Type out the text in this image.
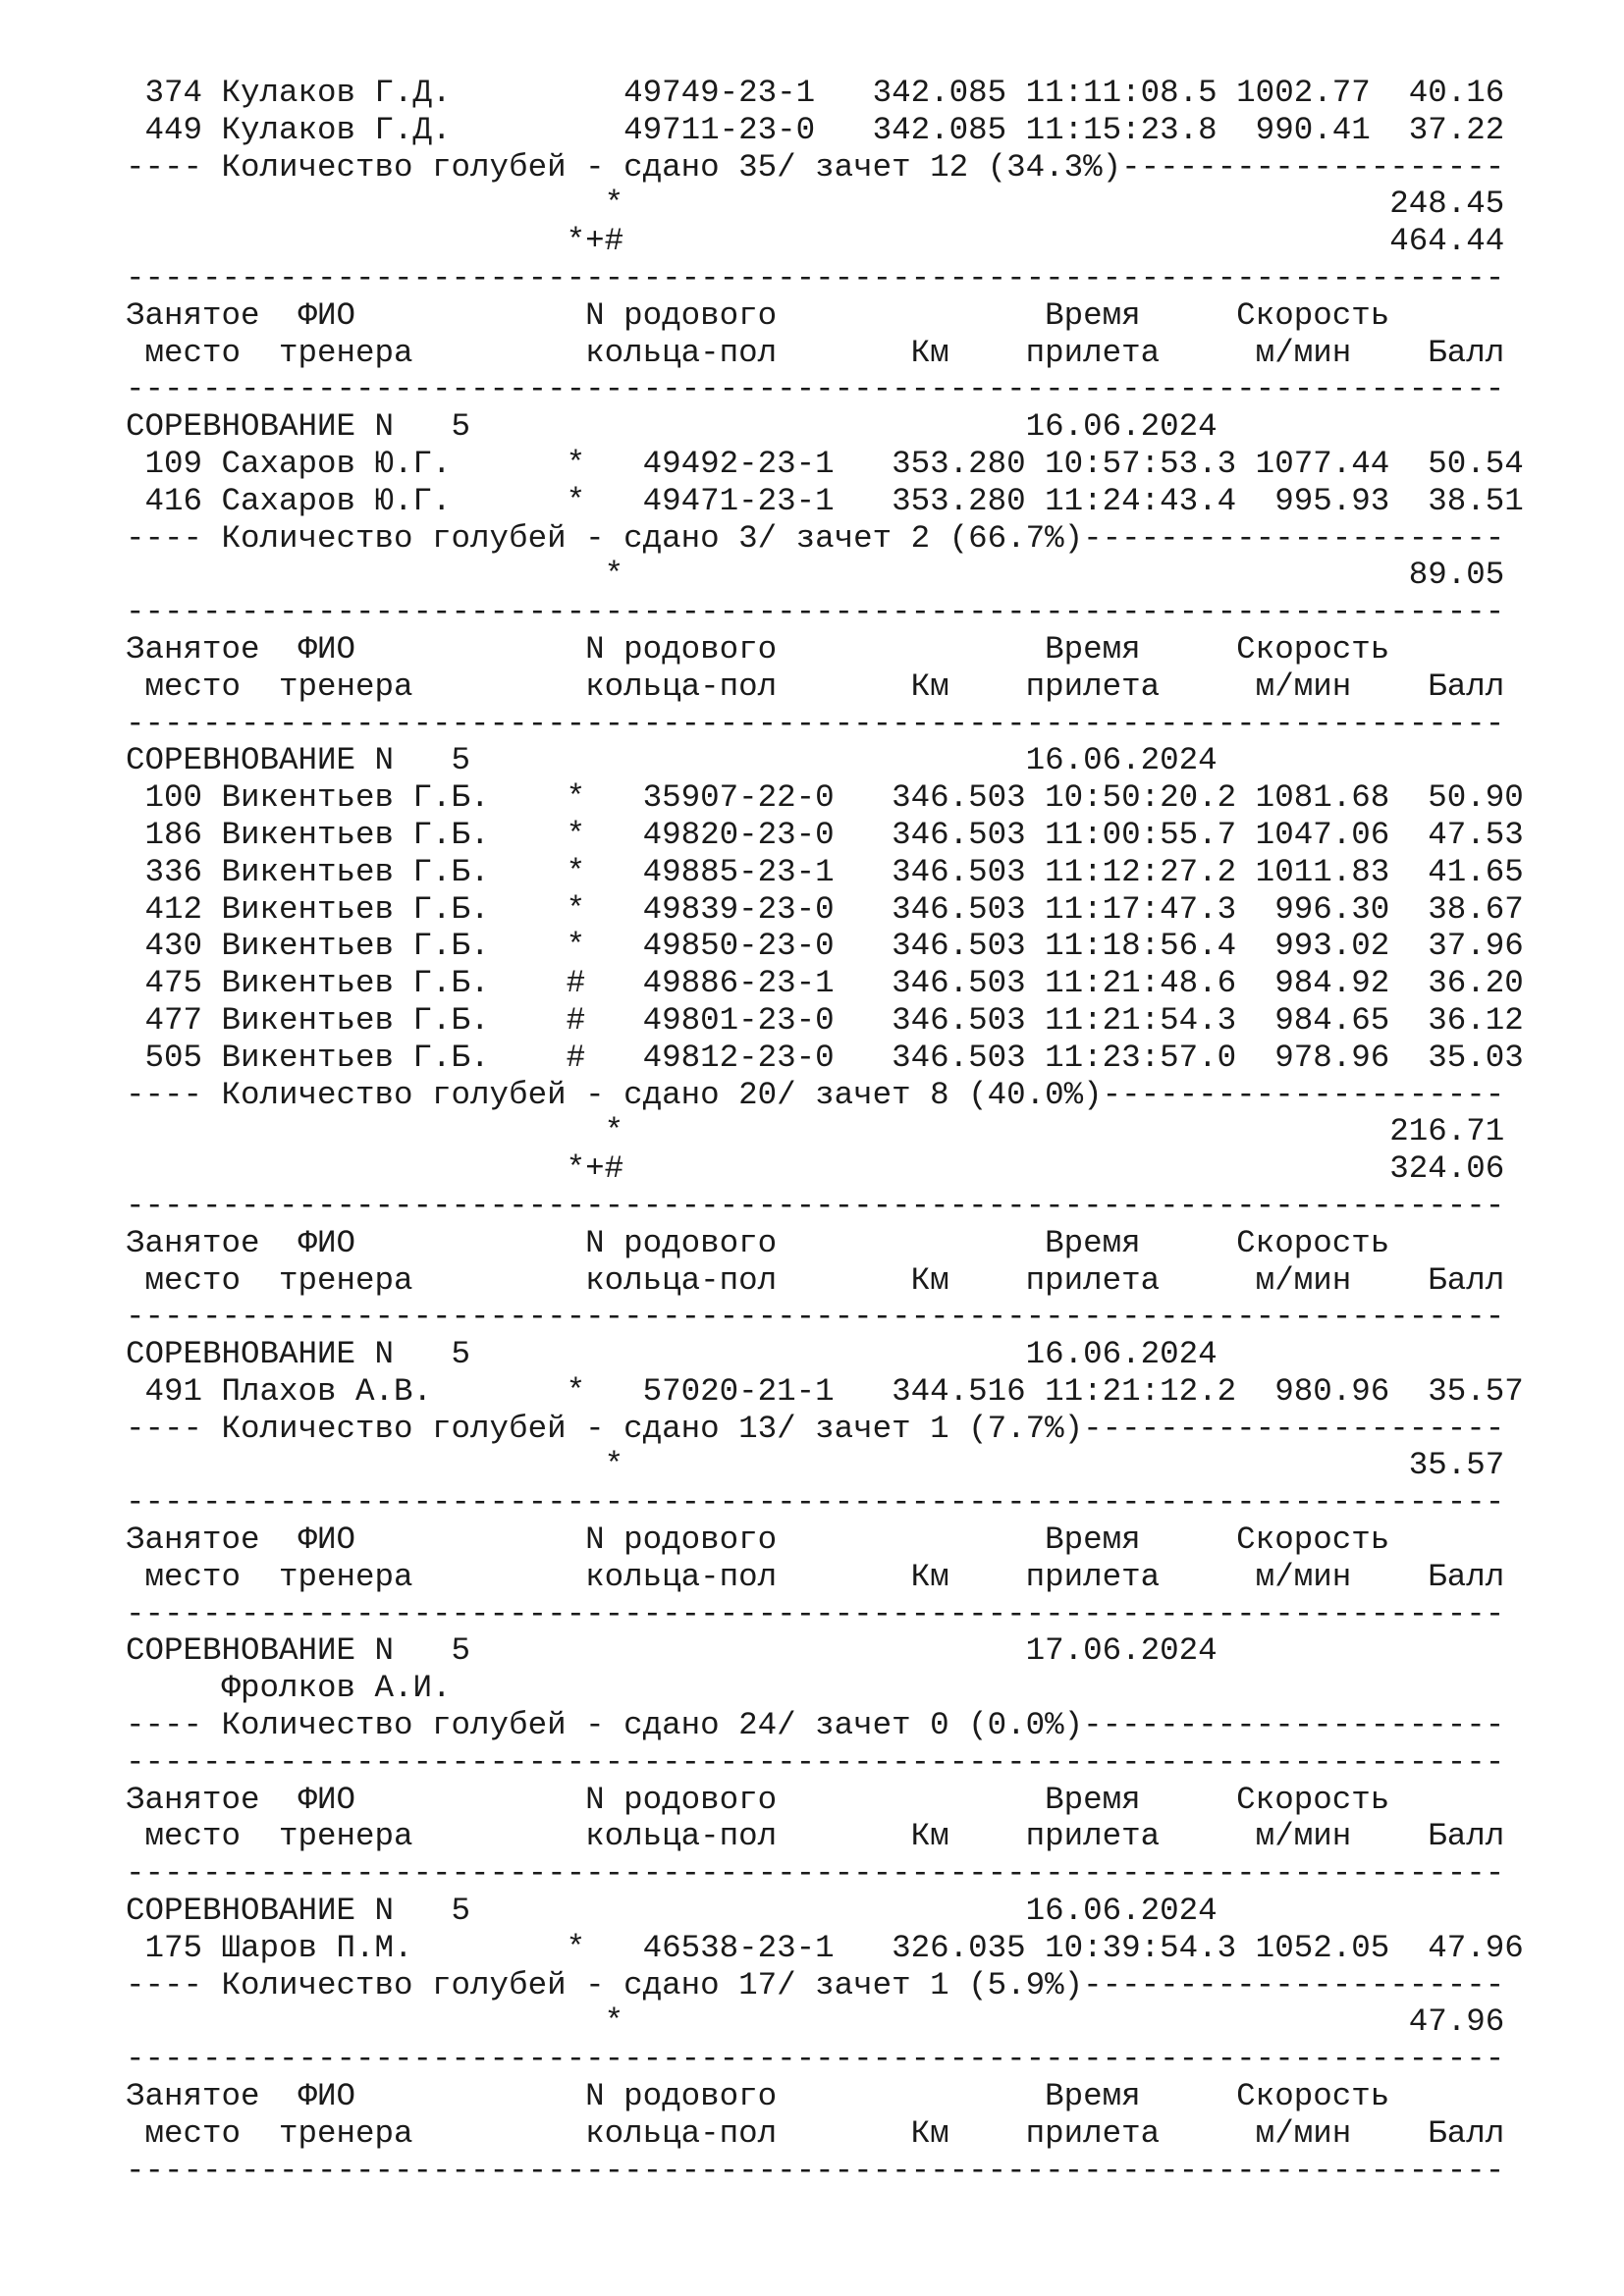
374 Кулаков Г.Д.         49749-23-1   342.085 11:11:08.5 1002.77  40.16
449 Кулаков Г.Д.         49711-23-0   342.085 11:15:23.8  990.41  37.22
---- Количество голубей - сдано 35/ зачет 12 (34.3%)--------------------
*                                        248.45
*+#                                        464.44
------------------------------------------------------------------------
Занятое  ФИО            N родового              Время     Скорость
место  тренера         кольца-пол       Км    прилета     м/мин    Балл
------------------------------------------------------------------------
СОРЕВНОВАНИЕ N   5                             16.06.2024
109 Сахаров Ю.Г.      *   49492-23-1   353.280 10:57:53.3 1077.44  50.54
416 Сахаров Ю.Г.      *   49471-23-1   353.280 11:24:43.4  995.93  38.51
---- Количество голубей - сдано 3/ зачет 2 (66.7%)----------------------
*                                         89.05
------------------------------------------------------------------------
Занятое  ФИО            N родового              Время     Скорость
место  тренера         кольца-пол       Км    прилета     м/мин    Балл
------------------------------------------------------------------------
СОРЕВНОВАНИЕ N   5                             16.06.2024
100 Викентьев Г.Б.    *   35907-22-0   346.503 10:50:20.2 1081.68  50.90
186 Викентьев Г.Б.    *   49820-23-0   346.503 11:00:55.7 1047.06  47.53
336 Викентьев Г.Б.    *   49885-23-1   346.503 11:12:27.2 1011.83  41.65
412 Викентьев Г.Б.    *   49839-23-0   346.503 11:17:47.3  996.30  38.67
430 Викентьев Г.Б.    *   49850-23-0   346.503 11:18:56.4  993.02  37.96
475 Викентьев Г.Б.    #   49886-23-1   346.503 11:21:48.6  984.92  36.20
477 Викентьев Г.Б.    #   49801-23-0   346.503 11:21:54.3  984.65  36.12
505 Викентьев Г.Б.    #   49812-23-0   346.503 11:23:57.0  978.96  35.03
---- Количество голубей - сдано 20/ зачет 8 (40.0%)---------------------
*                                        216.71
*+#                                        324.06
------------------------------------------------------------------------
Занятое  ФИО            N родового              Время     Скорость
место  тренера         кольца-пол       Км    прилета     м/мин    Балл
------------------------------------------------------------------------
СОРЕВНОВАНИЕ N   5                             16.06.2024
491 Плахов А.В.       *   57020-21-1   344.516 11:21:12.2  980.96  35.57
---- Количество голубей - сдано 13/ зачет 1 (7.7%)----------------------
*                                         35.57
------------------------------------------------------------------------
Занятое  ФИО            N родового              Время     Скорость
место  тренера         кольца-пол       Км    прилета     м/мин    Балл
------------------------------------------------------------------------
СОРЕВНОВАНИЕ N   5                             17.06.2024
Фролков А.И.
---- Количество голубей - сдано 24/ зачет 0 (0.0%)----------------------
------------------------------------------------------------------------
Занятое  ФИО            N родового              Время     Скорость
место  тренера         кольца-пол       Км    прилета     м/мин    Балл
------------------------------------------------------------------------
СОРЕВНОВАНИЕ N   5                             16.06.2024
175 Шаров П.М.        *   46538-23-1   326.035 10:39:54.3 1052.05  47.96
---- Количество голубей - сдано 17/ зачет 1 (5.9%)----------------------
*                                         47.96
------------------------------------------------------------------------
Занятое  ФИО            N родового              Время     Скорость
место  тренера         кольца-пол       Км    прилета     м/мин    Балл
------------------------------------------------------------------------
